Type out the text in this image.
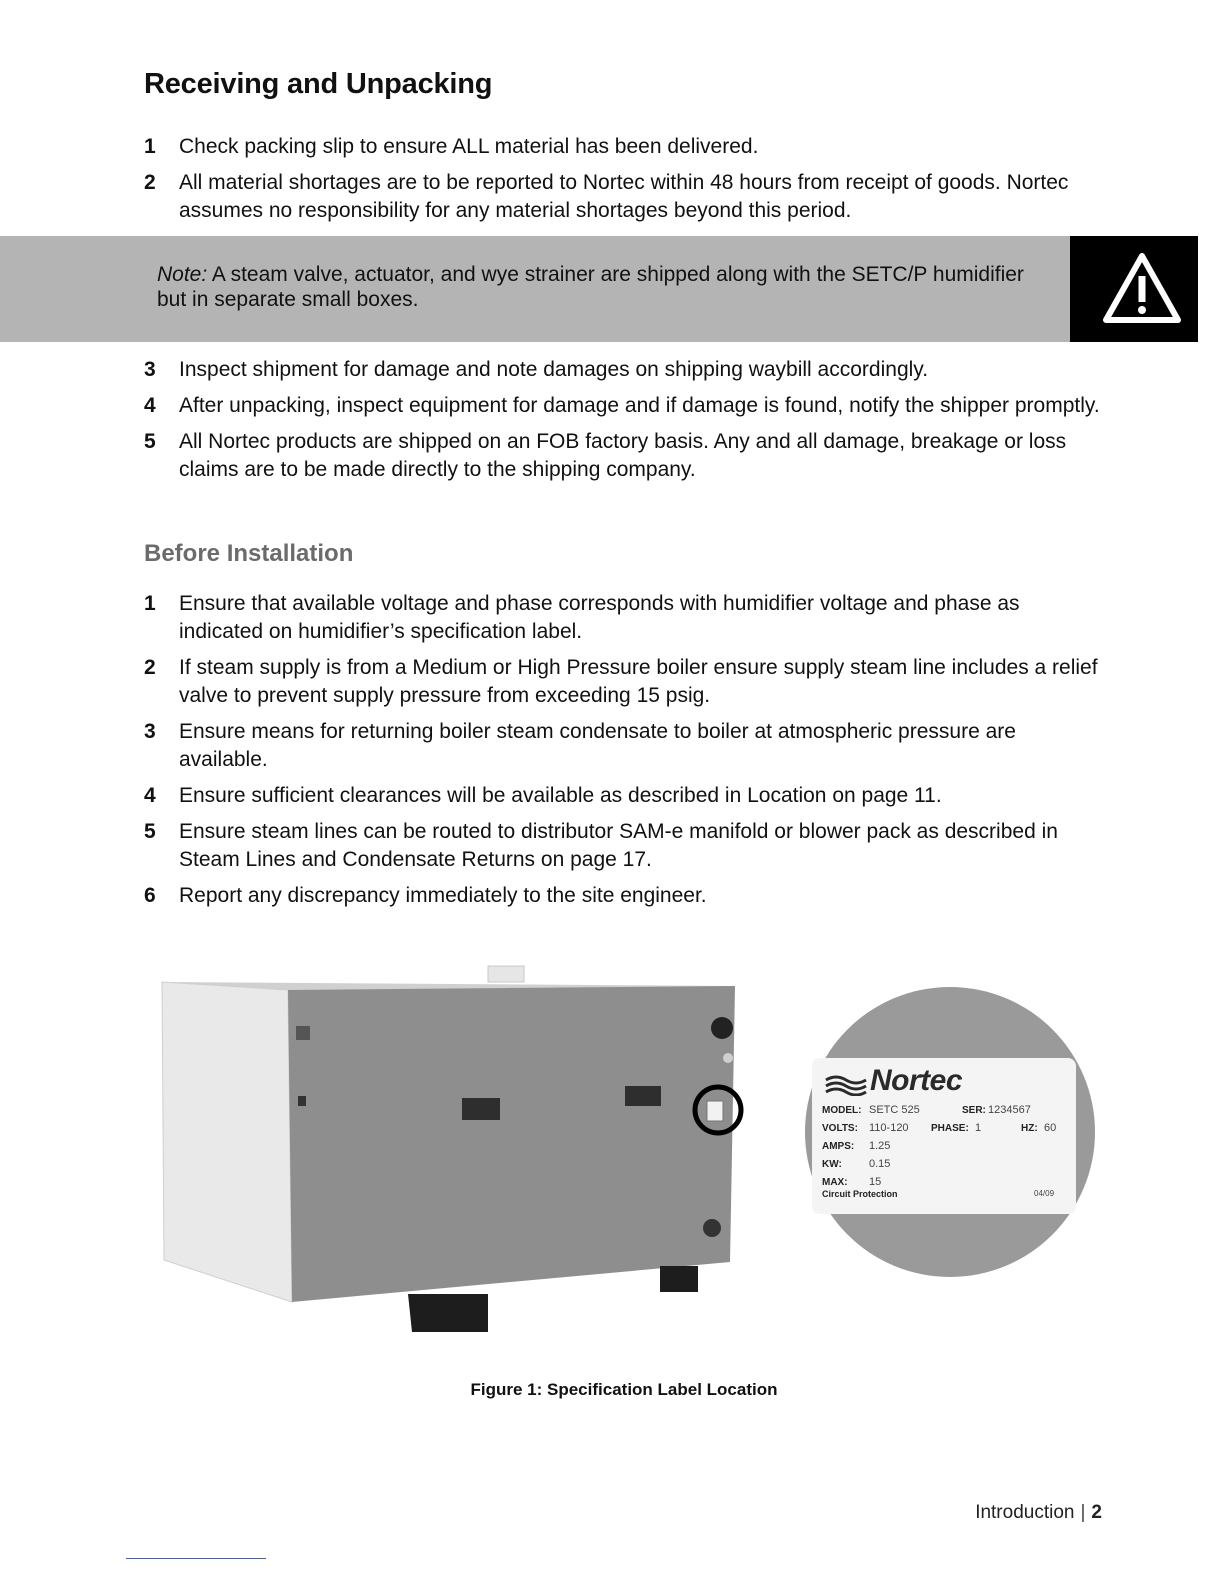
Receiving and Unpacking
1 Check packing slip to ensure ALL material has been delivered.
2 All material shortages are to be reported to Nortec within 48 hours from receipt of goods. Nortec assumes no responsibility for any material shortages beyond this period.
Note: A steam valve, actuator, and wye strainer are shipped along with the SETC/P humidifier but in separate small boxes.
3 Inspect shipment for damage and note damages on shipping waybill accordingly.
4 After unpacking, inspect equipment for damage and if damage is found, notify the shipper promptly.
5 All Nortec products are shipped on an FOB factory basis. Any and all damage, breakage or loss claims are to be made directly to the shipping company.
Before Installation
1 Ensure that available voltage and phase corresponds with humidifier voltage and phase as indicated on humidifier’s specification label.
2 If steam supply is from a Medium or High Pressure boiler ensure supply steam line includes a relief valve to prevent supply pressure from exceeding 15 psig.
3 Ensure means for returning boiler steam condensate to boiler at atmospheric pressure are available.
4 Ensure sufficient clearances will be available as described in Location on page 11.
5 Ensure steam lines can be routed to distributor SAM-e manifold or blower pack as described in Steam Lines and Condensate Returns on page 17.
6 Report any discrepancy immediately to the site engineer.
Nortec
MODEL: SETC 525	SER: 1234567
VOLTS: 110-120 PHASE: 1	HZ: 60
AMPS: 1.25
KW: 0.15
MAX: 15
Circuit Protection	04/09
Figure 1: Specification Label Location
Introduction | 2
